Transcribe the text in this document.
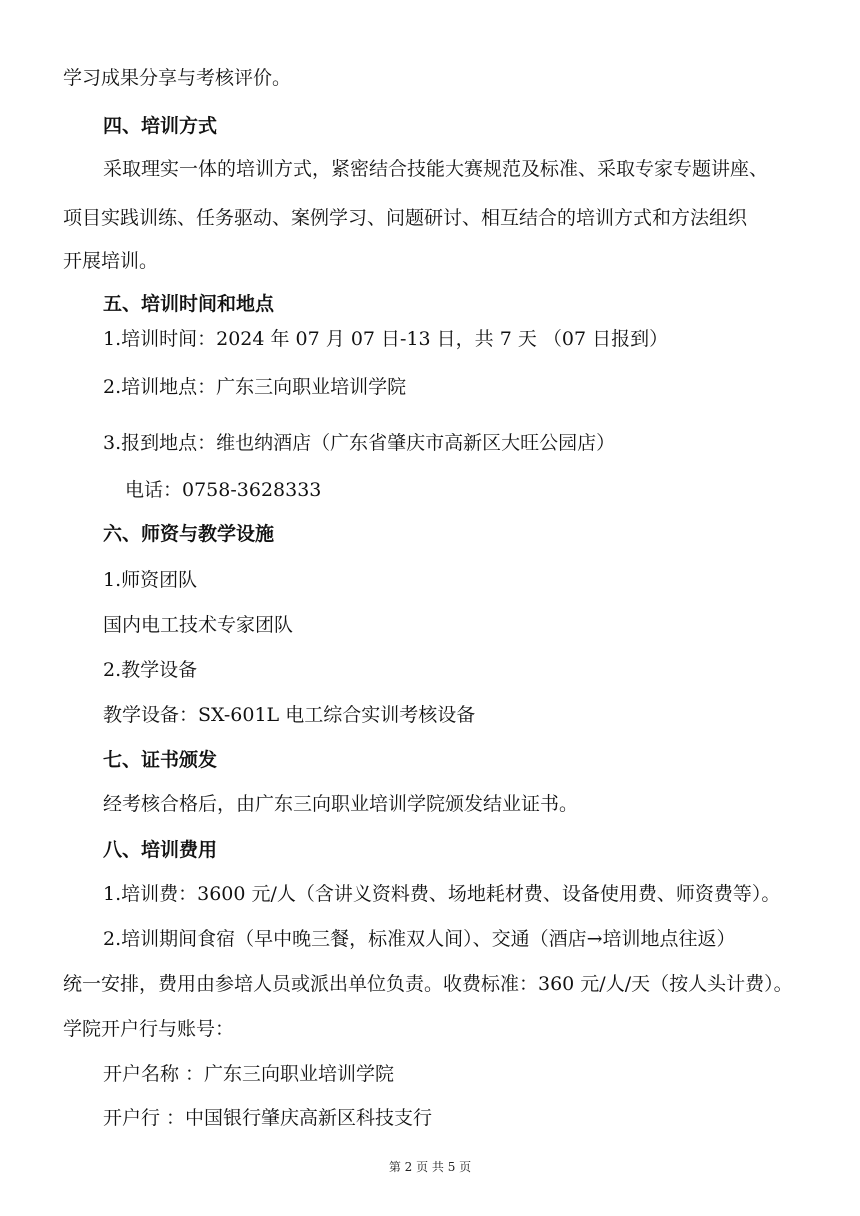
学习成果分享与考核评价。
四、培训方式
采取理实一体的培训方式，紧密结合技能大赛规范及标准、采取专家专题讲座、
项目实践训练、任务驱动、案例学习、问题研讨、相互结合的培训方式和方法组织
开展培训。
五、培训时间和地点
1.培训时间：2024 年 07 月 07 日-13 日，共 7 天 （07 日报到）
2.培训地点：广东三向职业培训学院
3.报到地点：维也纳酒店（广东省肇庆市高新区大旺公园店）
电话：0758-3628333
六、师资与教学设施
1.师资团队
国内电工技术专家团队
2.教学设备
教学设备：SX-601L 电工综合实训考核设备
七、证书颁发
经考核合格后，由广东三向职业培训学院颁发结业证书。
八、培训费用
1.培训费：3600 元/人（含讲义资料费、场地耗材费、设备使用费、师资费等）。
2.培训期间食宿（早中晚三餐，标准双人间）、交通（酒店→培训地点往返）
统一安排，费用由参培人员或派出单位负责。收费标准：360 元/人/天（按人头计费）。
学院开户行与账号：
开户名称 ：广东三向职业培训学院
开户行 ：中国银行肇庆高新区科技支行
第 2 页 共 5 页
